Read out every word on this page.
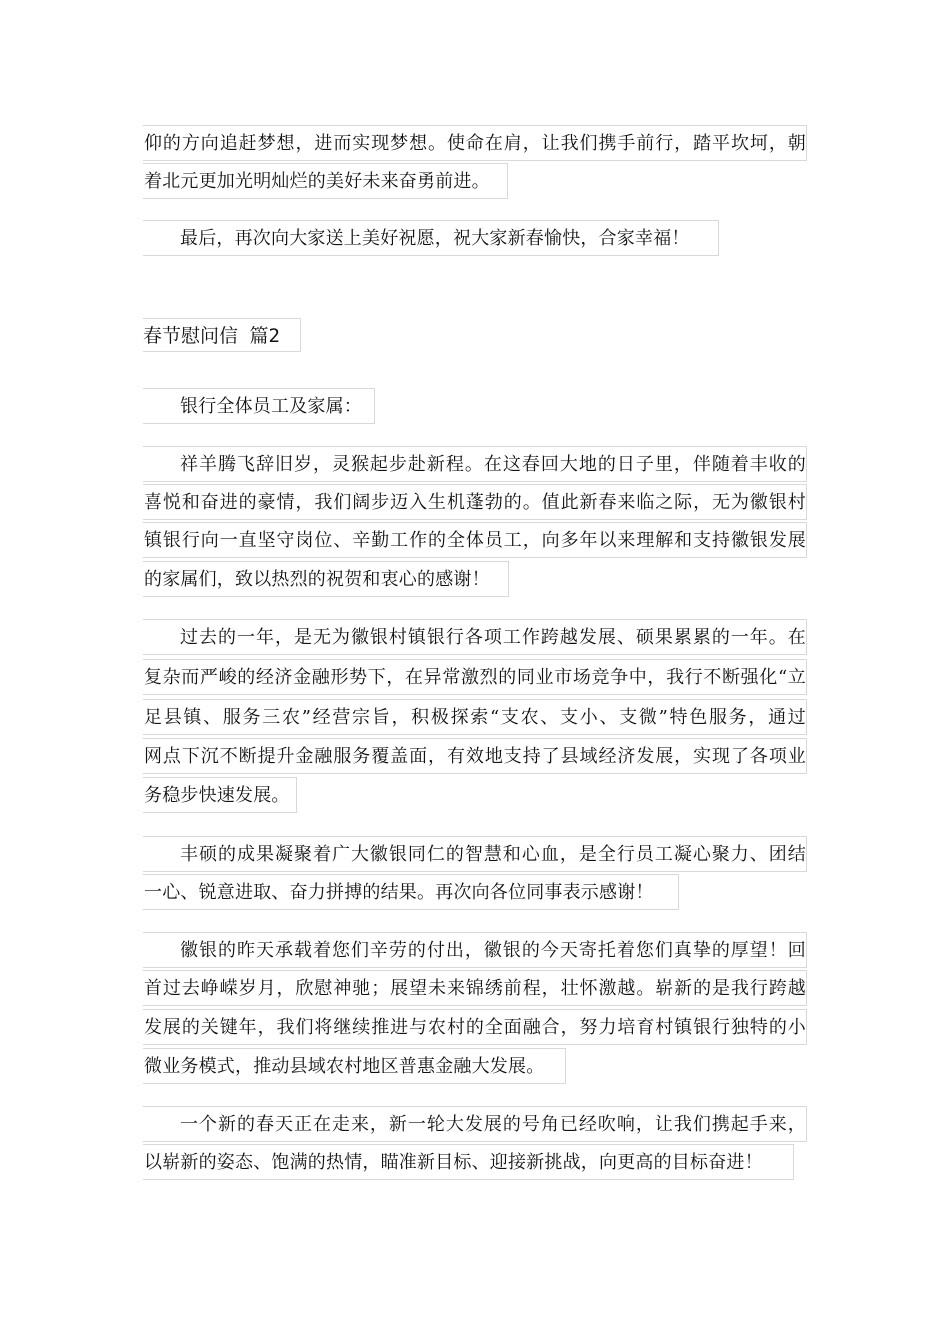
仰的方向追赶梦想，进而实现梦想。使命在肩，让我们携手前行，踏平坎坷，朝
着北元更加光明灿烂的美好未来奋勇前进。
最后，再次向大家送上美好祝愿，祝大家新春愉快，合家幸福！
春节慰问信 篇2
银行全体员工及家属：
祥羊腾飞辞旧岁，灵猴起步赴新程。在这春回大地的日子里，伴随着丰收的
喜悦和奋进的豪情，我们阔步迈入生机蓬勃的。值此新春来临之际，无为徽银村
镇银行向一直坚守岗位、辛勤工作的全体员工，向多年以来理解和支持徽银发展
的家属们，致以热烈的祝贺和衷心的感谢！
过去的一年，是无为徽银村镇银行各项工作跨越发展、硕果累累的一年。在
复杂而严峻的经济金融形势下，在异常激烈的同业市场竞争中，我行不断强化“立
足县镇、服务三农”经营宗旨，积极探索“支农、支小、支微”特色服务，通过
网点下沉不断提升金融服务覆盖面，有效地支持了县域经济发展，实现了各项业
务稳步快速发展。
丰硕的成果凝聚着广大徽银同仁的智慧和心血，是全行员工凝心聚力、团结
一心、锐意进取、奋力拼搏的结果。再次向各位同事表示感谢！
徽银的昨天承载着您们辛劳的付出，徽银的今天寄托着您们真挚的厚望！回
首过去峥嵘岁月，欣慰神驰；展望未来锦绣前程，壮怀激越。崭新的是我行跨越
发展的关键年，我们将继续推进与农村的全面融合，努力培育村镇银行独特的小
微业务模式，推动县域农村地区普惠金融大发展。
一个新的春天正在走来，新一轮大发展的号角已经吹响，让我们携起手来，
以崭新的姿态、饱满的热情，瞄准新目标、迎接新挑战，向更高的目标奋进！
